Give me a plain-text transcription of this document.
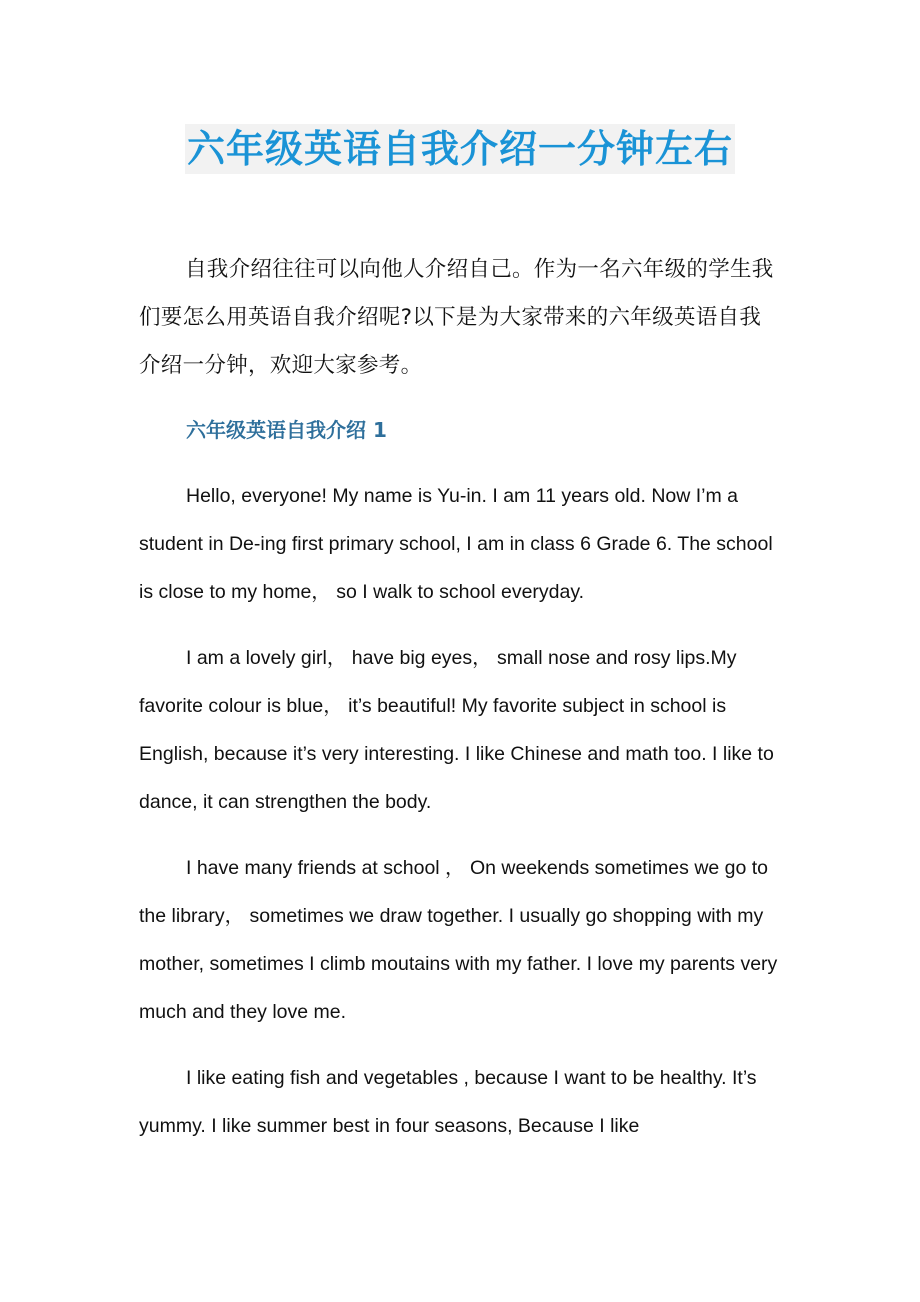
六年级英语自我介绍一分钟左右

自我介绍往往可以向他人介绍自己。作为一名六年级的学生我们要怎么用英语自我介绍呢?以下是为大家带来的六年级英语自我介绍一分钟，欢迎大家参考。

六年级英语自我介绍 1

Hello, everyone! My name is Yu-in. I am 11 years old. Now I’m a student in De-ing first primary school, I am in class 6 Grade 6. The school is close to my home， so I walk to school everyday.

I am a lovely girl， have big eyes， small nose and rosy lips.My favorite colour is blue， it’s beautiful! My favorite subject in school is English, because it’s very interesting. I like Chinese and math too. I like to dance, it can strengthen the body.

I have many friends at school ， On weekends sometimes we go to the library， sometimes we draw together. I usually go shopping with my mother, sometimes I climb moutains with my father. I love my parents very much and they love me.

I like eating fish and vegetables , because I want to be healthy. It’s yummy. I like summer best in four seasons, Because I like
